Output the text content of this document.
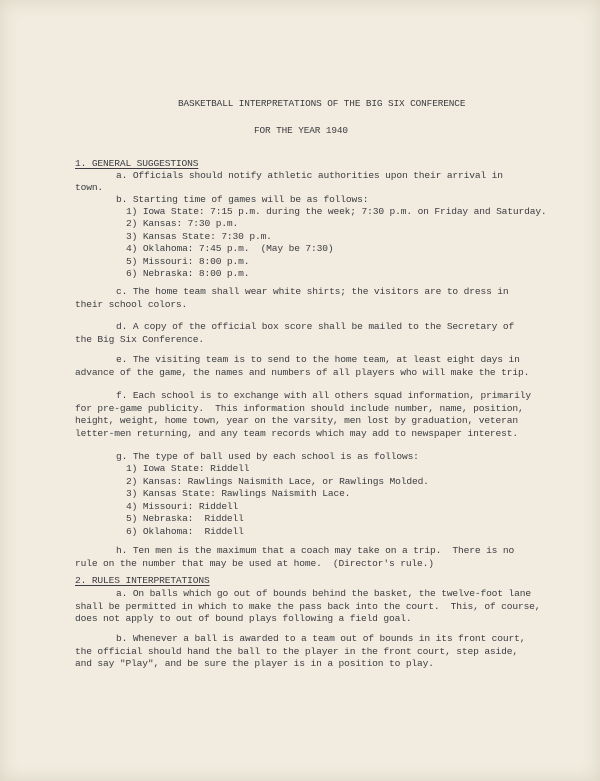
BASKETBALL INTERPRETATIONS OF THE BIG SIX CONFERENCE
FOR THE YEAR 1940
1. GENERAL SUGGESTIONS
a. Officials should notify athletic authorities upon their arrival in
town.
b. Starting time of games will be as follows:
1) Iowa State: 7:15 p.m. during the week; 7:30 p.m. on Friday and Saturday.
2) Kansas: 7:30 p.m.
3) Kansas State: 7:30 p.m.
4) Oklahoma: 7:45 p.m.  (May be 7:30)
5) Missouri: 8:00 p.m.
6) Nebraska: 8:00 p.m.
c. The home team shall wear white shirts; the visitors are to dress in
their school colors.
d. A copy of the official box score shall be mailed to the Secretary of
the Big Six Conference.
e. The visiting team is to send to the home team, at least eight days in
advance of the game, the names and numbers of all players who will make the trip.
f. Each school is to exchange with all others squad information, primarily
for pre-game publicity.  This information should include number, name, position,
height, weight, home town, year on the varsity, men lost by graduation, veteran
letter-men returning, and any team records which may add to newspaper interest.
g. The type of ball used by each school is as follows:
1) Iowa State: Riddell
2) Kansas: Rawlings Naismith Lace, or Rawlings Molded.
3) Kansas State: Rawlings Naismith Lace.
4) Missouri: Riddell
5) Nebraska:  Riddell
6) Oklahoma:  Riddell
h. Ten men is the maximum that a coach may take on a trip.  There is no
rule on the number that may be used at home.  (Director's rule.)
2. RULES INTERPRETATIONS
a. On balls which go out of bounds behind the basket, the twelve-foot lane
shall be permitted in which to make the pass back into the court.  This, of course,
does not apply to out of bound plays following a field goal.
b. Whenever a ball is awarded to a team out of bounds in its front court,
the official should hand the ball to the player in the front court, step aside,
and say "Play", and be sure the player is in a position to play.
